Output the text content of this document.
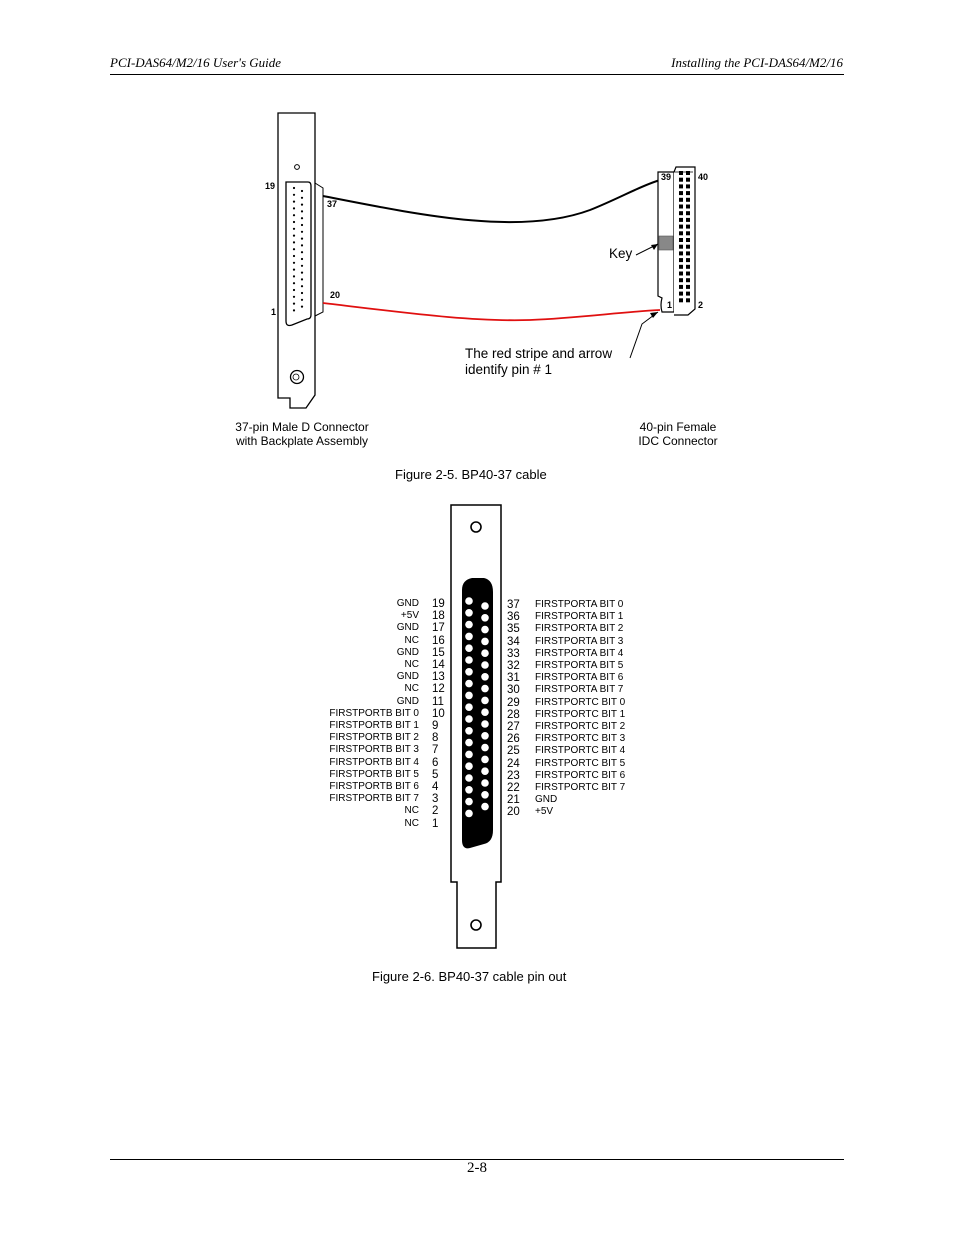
PCI-DAS64/M2/16 User's Guide	Installing the PCI-DAS64/M2/16
19
37
20
1
39	40
1	2
37-pin Male D Connector
with Backplate Assembly
40-pin Female
IDC Connector
Key
The red stripe and arrow
identify pin # 1
Figure 2-5. BP40-37 cable
GND 19
+5V 18
GND 17
NC 16
GND 15
NC 14
GND 13
NC 12
GND 11
FIRSTPORTB BIT 0 10
FIRSTPORTB BIT 1 9
FIRSTPORTB BIT 2 8
FIRSTPORTB BIT 3 7
FIRSTPORTB BIT 4 6
FIRSTPORTB BIT 5 5
FIRSTPORTB BIT 6 4
FIRSTPORTB BIT 7 3
NC 2
NC 1
37	FIRSTPORTA BIT 0
36	FIRSTPORTA BIT 1
35	FIRSTPORTA BIT 2
34	FIRSTPORTA BIT 3
33	FIRSTPORTA BIT 4
32	FIRSTPORTA BIT 5
31	FIRSTPORTA BIT 6
30	FIRSTPORTA BIT 7
29	FIRSTPORTC BIT 0
28	FIRSTPORTC BIT 1
27	FIRSTPORTC BIT 2
26	FIRSTPORTC BIT 3
25	FIRSTPORTC BIT 4
24	FIRSTPORTC BIT 5
23	FIRSTPORTC BIT 6
22	FIRSTPORTC BIT 7
21	GND
20	+5V
Figure 2-6. BP40-37 cable pin out
2-8
